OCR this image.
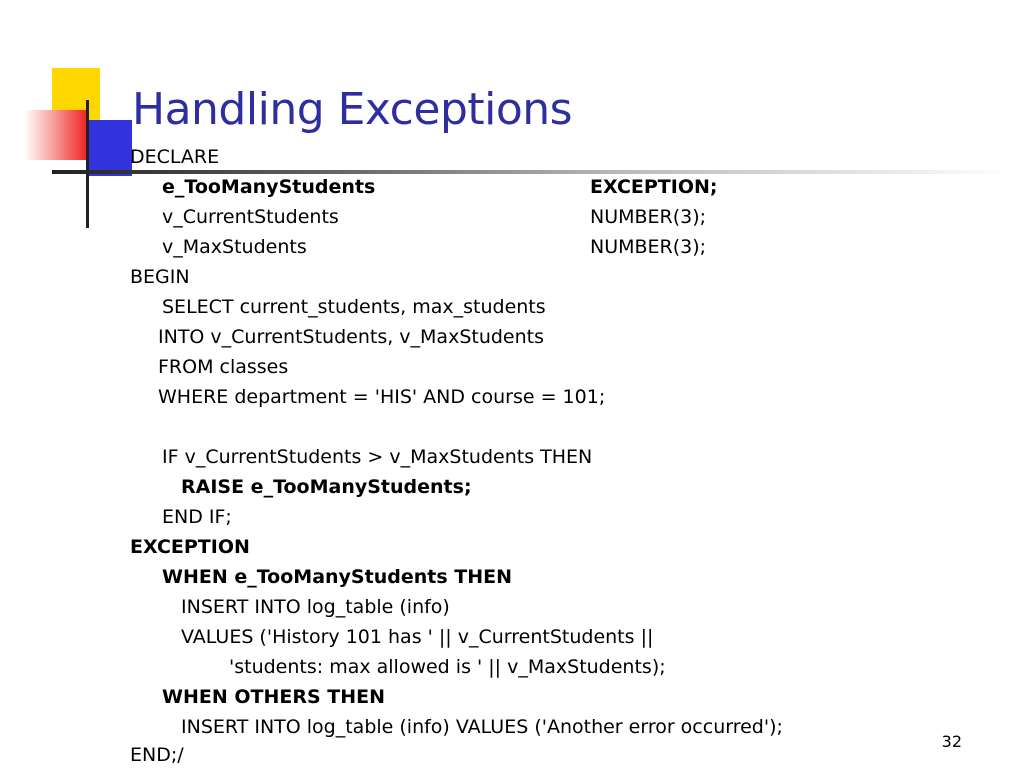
Handling Exceptions
DECLARE
e_TooManyStudents	EXCEPTION;
v_CurrentStudents	NUMBER(3);
v_MaxStudents	NUMBER(3);
BEGIN
SELECT current_students, max_students
INTO v_CurrentStudents, v_MaxStudents
FROM classes
WHERE department = 'HIS' AND course = 101;
IF v_CurrentStudents > v_MaxStudents THEN
RAISE e_TooManyStudents;
END IF;
EXCEPTION
WHEN e_TooManyStudents THEN
INSERT INTO log_table (info)
VALUES ('History 101 has ' || v_CurrentStudents ||
'students: max allowed is ' || v_MaxStudents);
WHEN OTHERS THEN
INSERT INTO log_table (info) VALUES ('Another error occurred');
END;/
32
